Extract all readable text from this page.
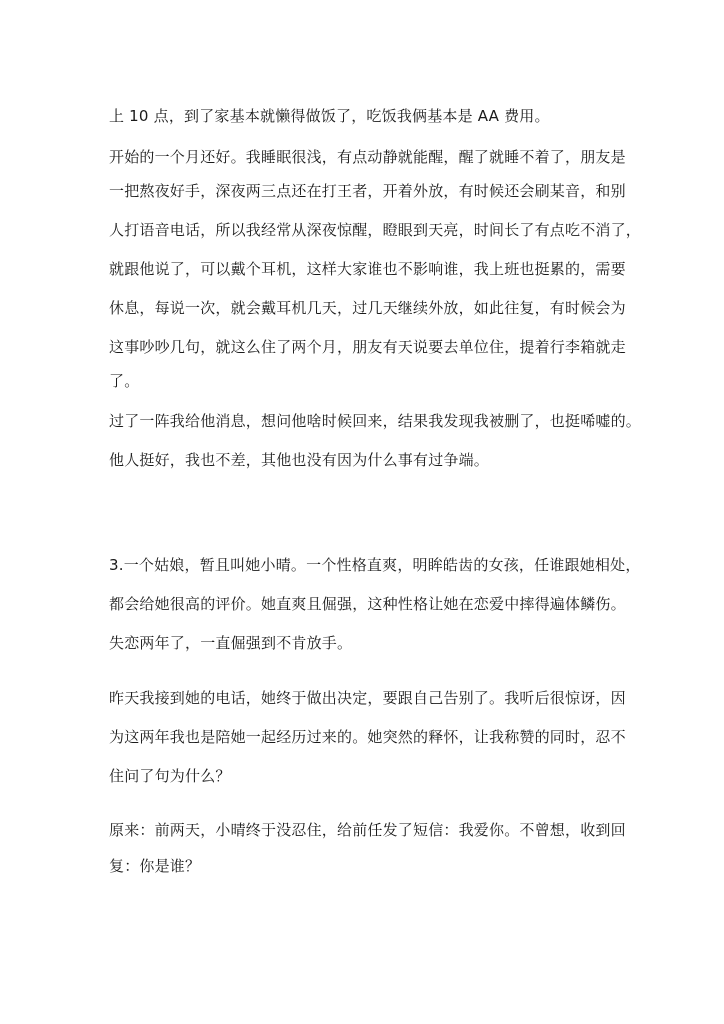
上 10 点，到了家基本就懒得做饭了，吃饭我俩基本是 AA 费用。
开始的一个月还好。我睡眠很浅，有点动静就能醒，醒了就睡不着了，朋友是
一把熬夜好手，深夜两三点还在打王者，开着外放，有时候还会刷某音，和别
人打语音电话，所以我经常从深夜惊醒，瞪眼到天亮，时间长了有点吃不消了，
就跟他说了，可以戴个耳机，这样大家谁也不影响谁，我上班也挺累的，需要
休息，每说一次，就会戴耳机几天，过几天继续外放，如此往复，有时候会为
这事吵吵几句，就这么住了两个月，朋友有天说要去单位住，提着行李箱就走
了。
过了一阵我给他消息，想问他啥时候回来，结果我发现我被删了，也挺唏嘘的。
他人挺好，我也不差，其他也没有因为什么事有过争端。
3.一个姑娘，暂且叫她小晴。一个性格直爽，明眸皓齿的女孩，任谁跟她相处，
都会给她很高的评价。她直爽且倔强，这种性格让她在恋爱中摔得遍体鳞伤。
失恋两年了，一直倔强到不肯放手。
昨天我接到她的电话，她终于做出决定，要跟自己告别了。我听后很惊讶，因
为这两年我也是陪她一起经历过来的。她突然的释怀，让我称赞的同时，忍不
住问了句为什么？
原来：前两天，小晴终于没忍住，给前任发了短信：我爱你。不曾想，收到回
复：你是谁？
